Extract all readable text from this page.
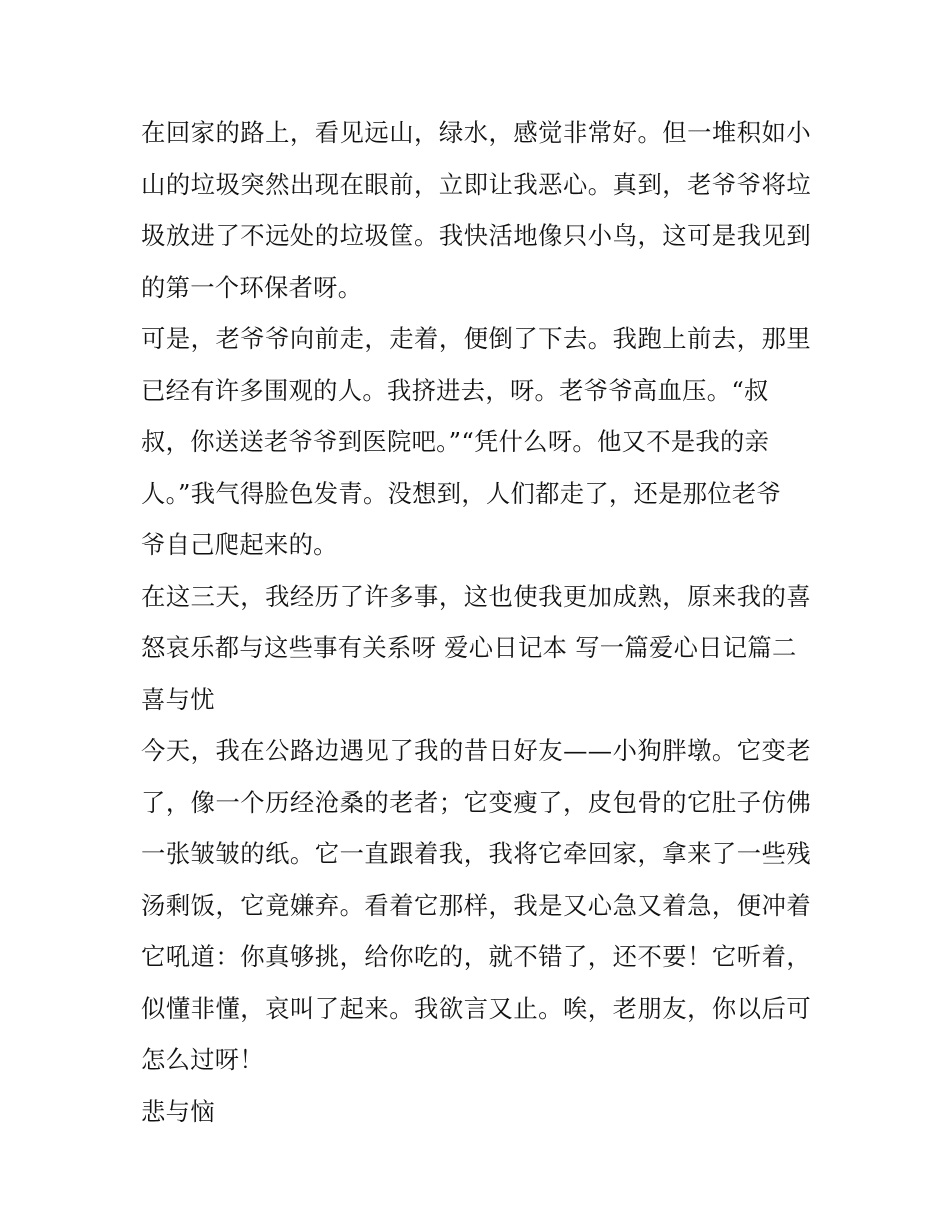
在回家的路上，看见远山，绿水，感觉非常好。但一堆积如小
山的垃圾突然出现在眼前，立即让我恶心。真到，老爷爷将垃
圾放进了不远处的垃圾筐。我快活地像只小鸟，这可是我见到
的第一个环保者呀。
可是，老爷爷向前走，走着，便倒了下去。我跑上前去，那里
已经有许多围观的人。我挤进去，呀。老爷爷高血压。“叔
叔，你送送老爷爷到医院吧。”“凭什么呀。他又不是我的亲
人。”我气得脸色发青。没想到，人们都走了，还是那位老爷
爷自己爬起来的。
在这三天，我经历了许多事，这也使我更加成熟，原来我的喜
怒哀乐都与这些事有关系呀 爱心日记本 写一篇爱心日记篇二
喜与忧
今天，我在公路边遇见了我的昔日好友——小狗胖墩。它变老
了，像一个历经沧桑的老者；它变瘦了，皮包骨的它肚子仿佛
一张皱皱的纸。它一直跟着我，我将它牵回家，拿来了一些残
汤剩饭，它竟嫌弃。看着它那样，我是又心急又着急，便冲着
它吼道：你真够挑，给你吃的，就不错了，还不要！它听着，
似懂非懂，哀叫了起来。我欲言又止。唉，老朋友，你以后可
怎么过呀！
悲与恼
